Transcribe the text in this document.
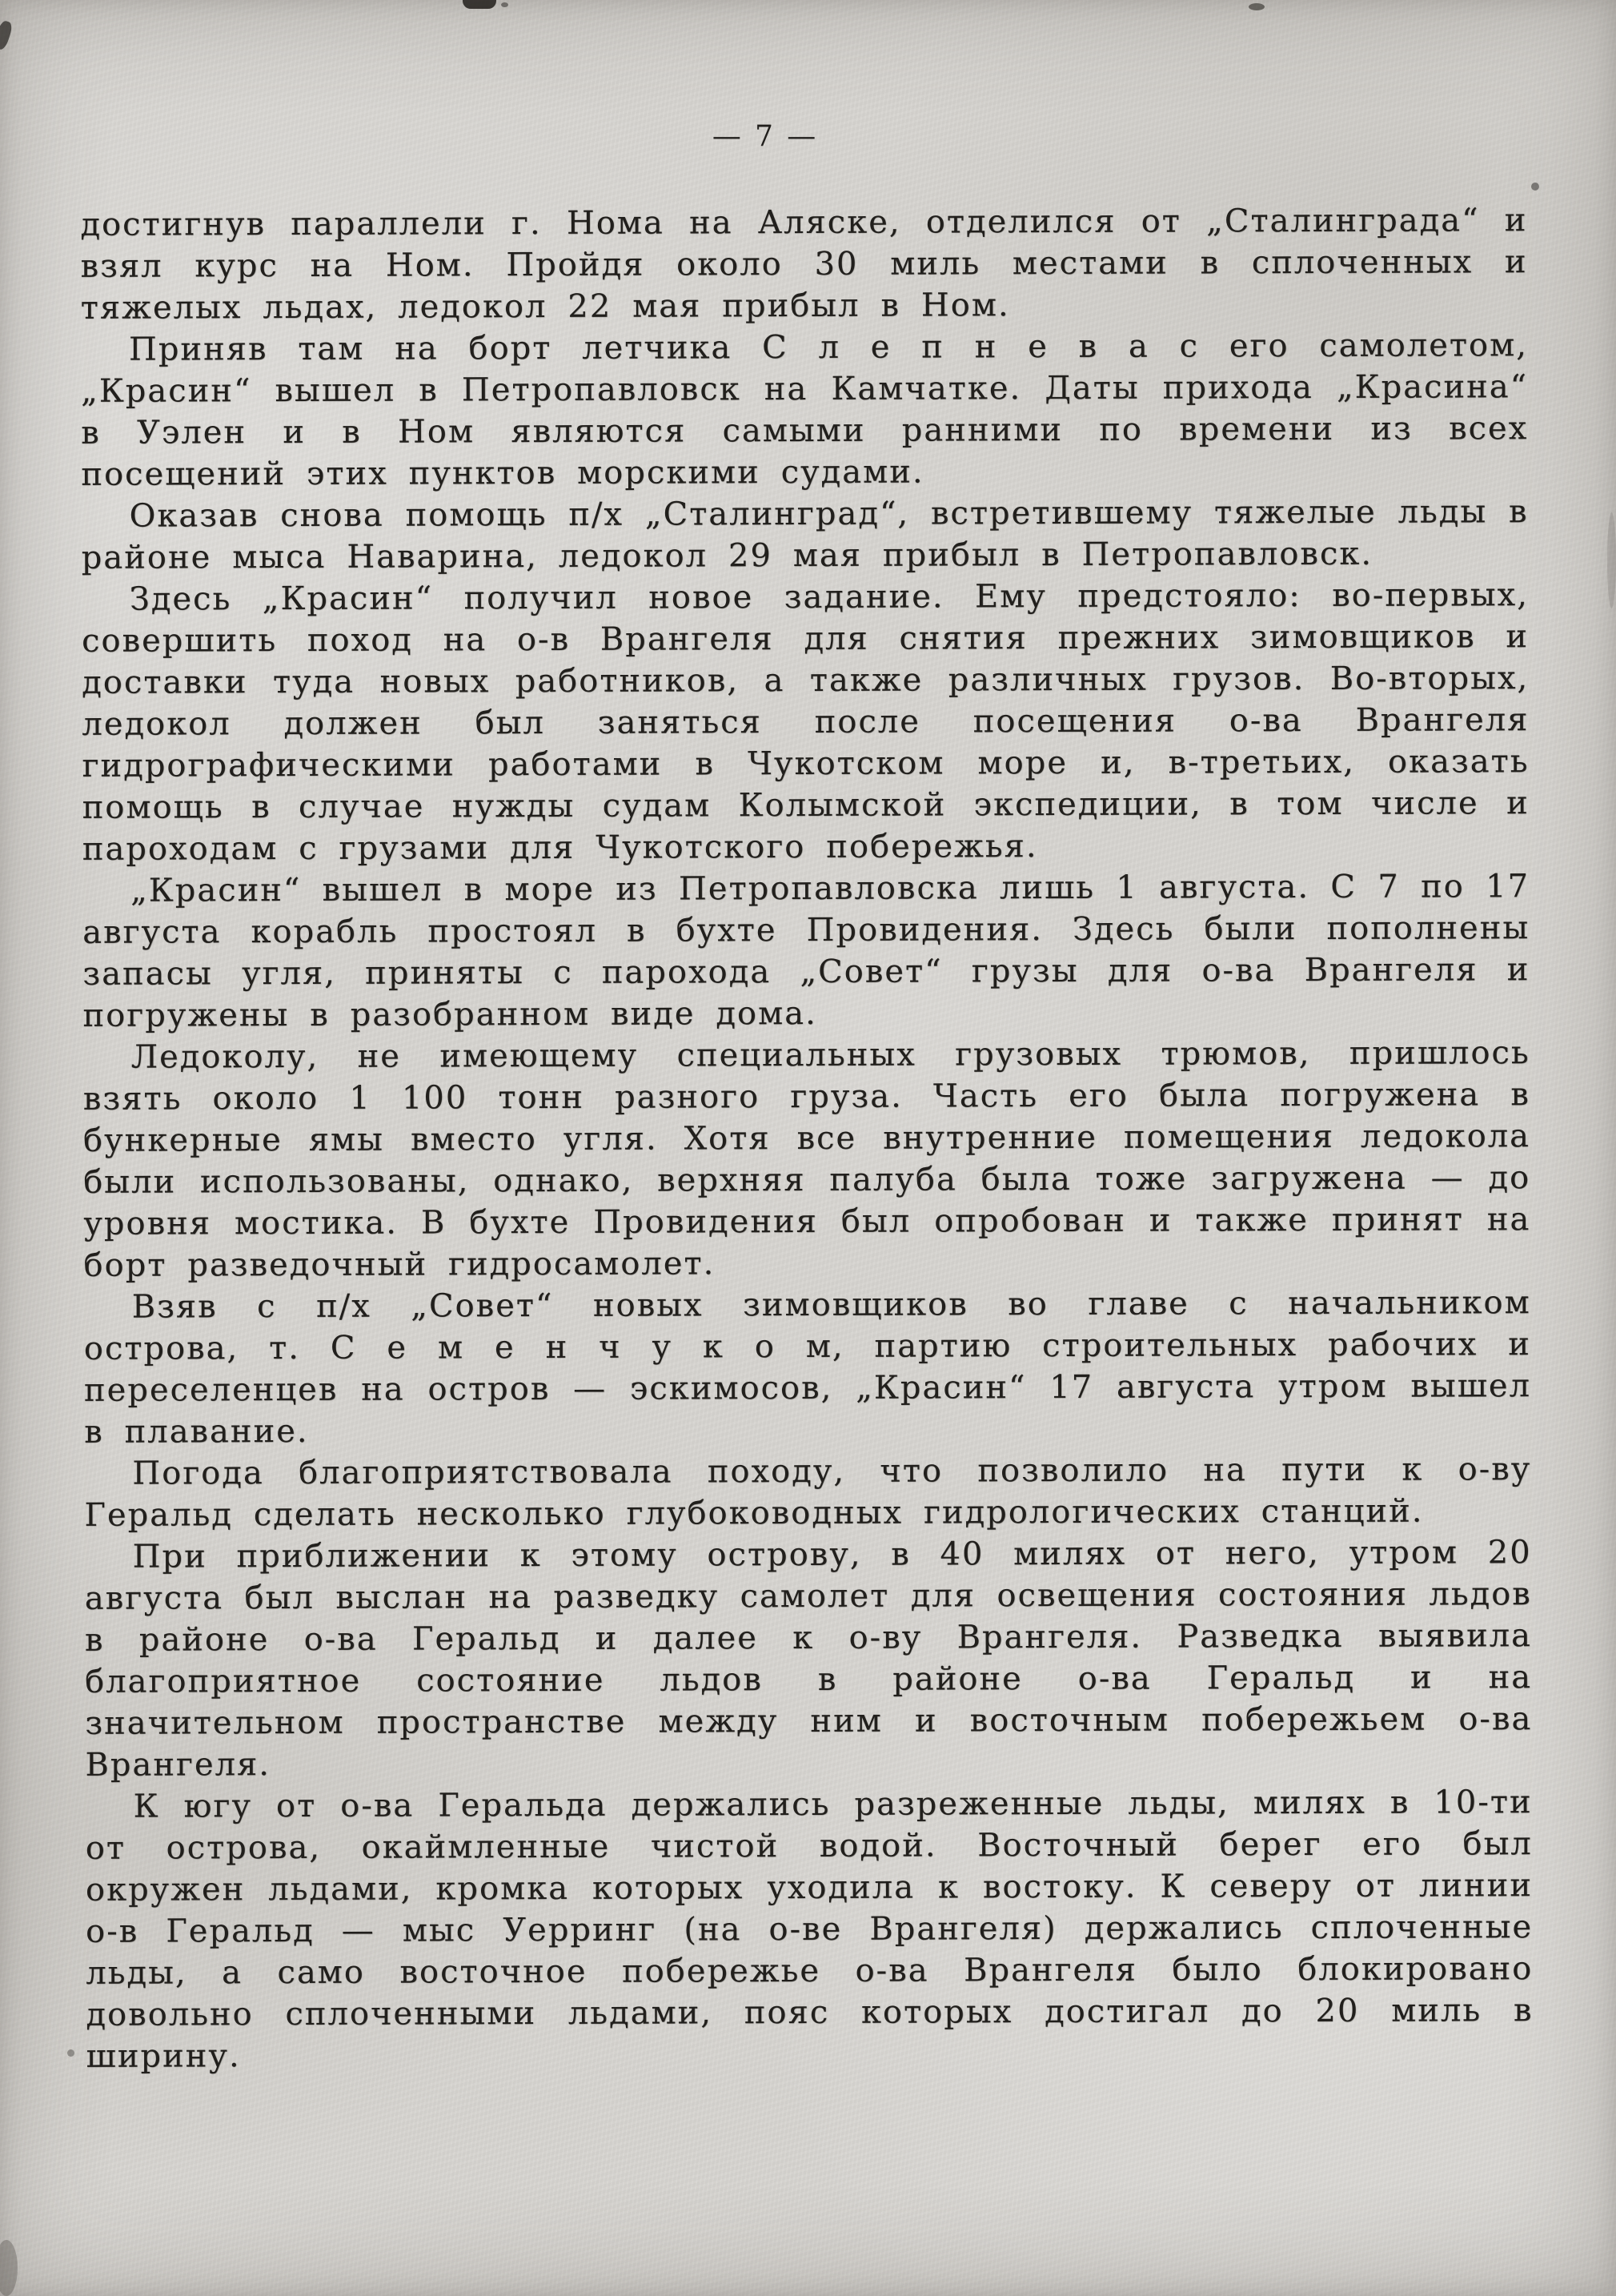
— 7 —

достигнув параллели г. Нома на Аляске, отделился от „Сталинграда“ и взял курс на Ном. Пройдя около 30 миль местами в сплоченных и тяжелых льдах, ледокол 22 мая прибыл в Ном.

Приняв там на борт летчика С л е п н е в а с его самолетом, „Красин“ вышел в Петропавловск на Камчатке. Даты прихода „Красина“ в Уэлен и в Ном являются самыми ранними по времени из всех посещений этих пунктов морскими судами.

Оказав снова помощь п/х „Сталинград“, встретившему тяжелые льды в районе мыса Наварина, ледокол 29 мая прибыл в Петропавловск.

Здесь „Красин“ получил новое задание. Ему предстояло: во-первых, совершить поход на о-в Врангеля для снятия прежних зимовщиков и доставки туда новых работников, а также различных грузов. Во-вторых, ледокол должен был заняться после посещения о-ва Врангеля гидрографическими работами в Чукотском море и, в-третьих, оказать помощь в случае нужды судам Колымской экспедиции, в том числе и пароходам с грузами для Чукотского побережья.

„Красин“ вышел в море из Петропавловска лишь 1 августа. С 7 по 17 августа корабль простоял в бухте Провидения. Здесь были пополнены запасы угля, приняты с парохода „Совет“ грузы для о-ва Врангеля и погружены в разобранном виде дома.

Ледоколу, не имеющему специальных грузовых трюмов, пришлось взять около 1 100 тонн разного груза. Часть его была погружена в бункерные ямы вместо угля. Хотя все внутренние помещения ледокола были использованы, однако, верхняя палуба была тоже загружена — до уровня мостика. В бухте Провидения был опробован и также принят на борт разведочный гидросамолет.

Взяв с п/х „Совет“ новых зимовщиков во главе с начальником острова, т. С е м е н ч у к о м, партию строительных рабочих и переселенцев на остров — эскимосов, „Красин“ 17 августа утром вышел в плавание.

Погода благоприятствовала походу, что позволило на пути к о-ву Геральд сделать несколько глубоководных гидрологических станций.

При приближении к этому острову, в 40 милях от него, утром 20 августа был выслан на разведку самолет для освещения состояния льдов в районе о-ва Геральд и далее к о-ву Врангеля. Разведка выявила благоприятное состояние льдов в районе о-ва Геральд и на значительном пространстве между ним и восточным побережьем о-ва Врангеля.

К югу от о-ва Геральда держались разреженные льды, милях в 10-ти от острова, окаймленные чистой водой. Восточный берег его был окружен льдами, кромка которых уходила к востоку. К северу от линии о-в Геральд — мыс Уерринг (на о-ве Врангеля) держались сплоченные льды, а само восточное побережье о-ва Врангеля было блокировано довольно сплоченными льдами, пояс которых достигал до 20 миль в ширину.
